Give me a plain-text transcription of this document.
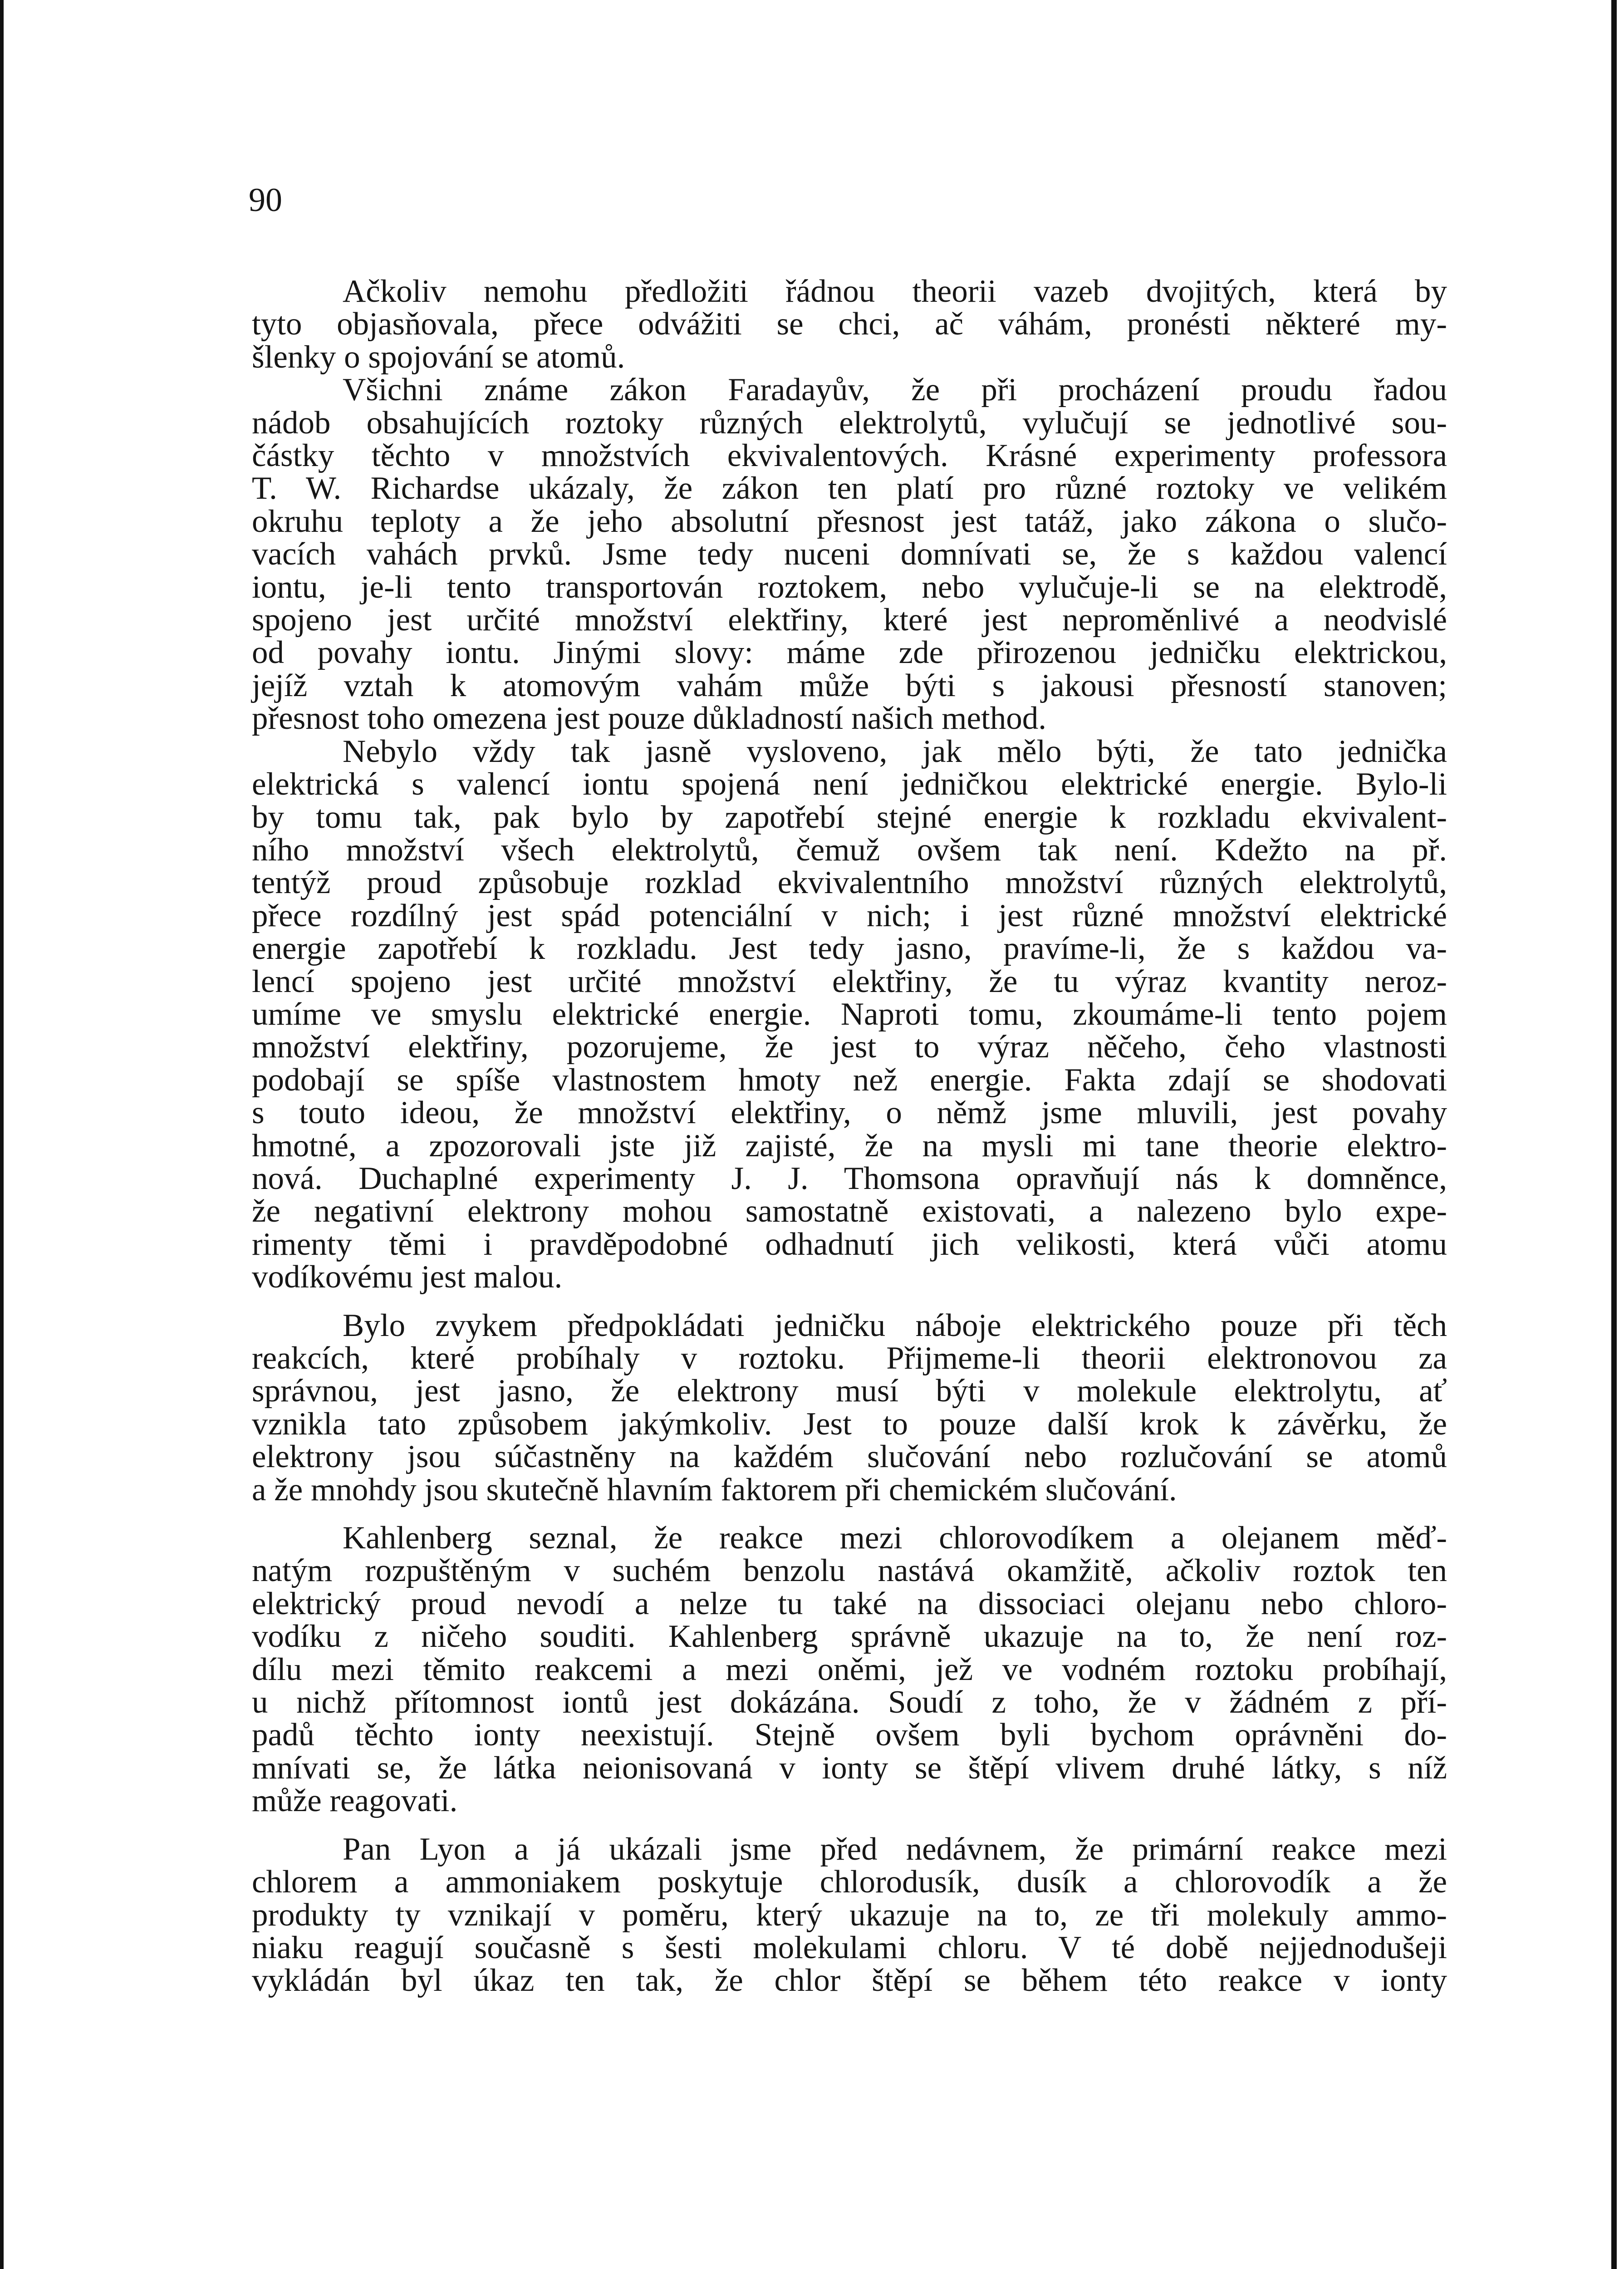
90
Ačkoliv nemohu předložiti řádnou theorii vazeb dvojitých, která by
tyto objasňovala, přece odvážiti se chci, ač váhám, pronésti některé my-
šlenky o spojování se atomů.
Všichni známe zákon Faradayův, že při procházení proudu řadou
nádob obsahujících roztoky různých elektrolytů, vylučují se jednotlivé sou-
částky těchto v množstvích ekvivalentových. Krásné experimenty professora
T. W. Richardse ukázaly, že zákon ten platí pro různé roztoky ve velikém
okruhu teploty a že jeho absolutní přesnost jest tatáž, jako zákona o slučo-
vacích vahách prvků. Jsme tedy nuceni domnívati se, že s každou valencí
iontu, je-li tento transportován roztokem, nebo vylučuje-li se na elektrodě,
spojeno jest určité množství elektřiny, které jest neproměnlivé a neodvislé
od povahy iontu. Jinými slovy: máme zde přirozenou jedničku elektrickou,
jejíž vztah k atomovým vahám může býti s jakousi přesností stanoven;
přesnost toho omezena jest pouze důkladností našich method.
Nebylo vždy tak jasně vysloveno, jak mělo býti, že tato jednička
elektrická s valencí iontu spojená není jedničkou elektrické energie. Bylo-li
by tomu tak, pak bylo by zapotřebí stejné energie k rozkladu ekvivalent-
ního množství všech elektrolytů, čemuž ovšem tak není. Kdežto na př.
tentýž proud způsobuje rozklad ekvivalentního množství různých elektrolytů,
přece rozdílný jest spád potenciální v nich; i jest různé množství elektrické
energie zapotřebí k rozkladu. Jest tedy jasno, pravíme-li, že s každou va-
lencí spojeno jest určité množství elektřiny, že tu výraz kvantity neroz-
umíme ve smyslu elektrické energie. Naproti tomu, zkoumáme-li tento pojem
množství elektřiny, pozorujeme, že jest to výraz něčeho, čeho vlastnosti
podobají se spíše vlastnostem hmoty než energie. Fakta zdají se shodovati
s touto ideou, že množství elektřiny, o němž jsme mluvili, jest povahy
hmotné, a zpozorovali jste již zajisté, že na mysli mi tane theorie elektro-
nová. Duchaplné experimenty J. J. Thomsona opravňují nás k domněnce,
že negativní elektrony mohou samostatně existovati, a nalezeno bylo expe-
rimenty těmi i pravděpodobné odhadnutí jich velikosti, která vůči atomu
vodíkovému jest malou.
Bylo zvykem předpokládati jedničku náboje elektrického pouze při těch
reakcích, které probíhaly v roztoku. Přijmeme-li theorii elektronovou za
správnou, jest jasno, že elektrony musí býti v molekule elektrolytu, ať
vznikla tato způsobem jakýmkoliv. Jest to pouze další krok k závěrku, že
elektrony jsou súčastněny na každém slučování nebo rozlučování se atomů
a že mnohdy jsou skutečně hlavním faktorem při chemickém slučování.
Kahlenberg seznal, že reakce mezi chlorovodíkem a olejanem měď-
natým rozpuštěným v suchém benzolu nastává okamžitě, ačkoliv roztok ten
elektrický proud nevodí a nelze tu také na dissociaci olejanu nebo chloro-
vodíku z ničeho souditi. Kahlenberg správně ukazuje na to, že není roz-
dílu mezi těmito reakcemi a mezi oněmi, jež ve vodném roztoku probíhají,
u nichž přítomnost iontů jest dokázána. Soudí z toho, že v žádném z pří-
padů těchto ionty neexistují. Stejně ovšem byli bychom oprávněni do-
mnívati se, že látka neionisovaná v ionty se štěpí vlivem druhé látky, s níž
může reagovati.
Pan Lyon a já ukázali jsme před nedávnem, že primární reakce mezi
chlorem a ammoniakem poskytuje chlorodusík, dusík a chlorovodík a že
produkty ty vznikají v poměru, který ukazuje na to, ze tři molekuly ammo-
niaku reagují současně s šesti molekulami chloru. V té době nejjednodušeji
vykládán byl úkaz ten tak, že chlor štěpí se během této reakce v ionty
